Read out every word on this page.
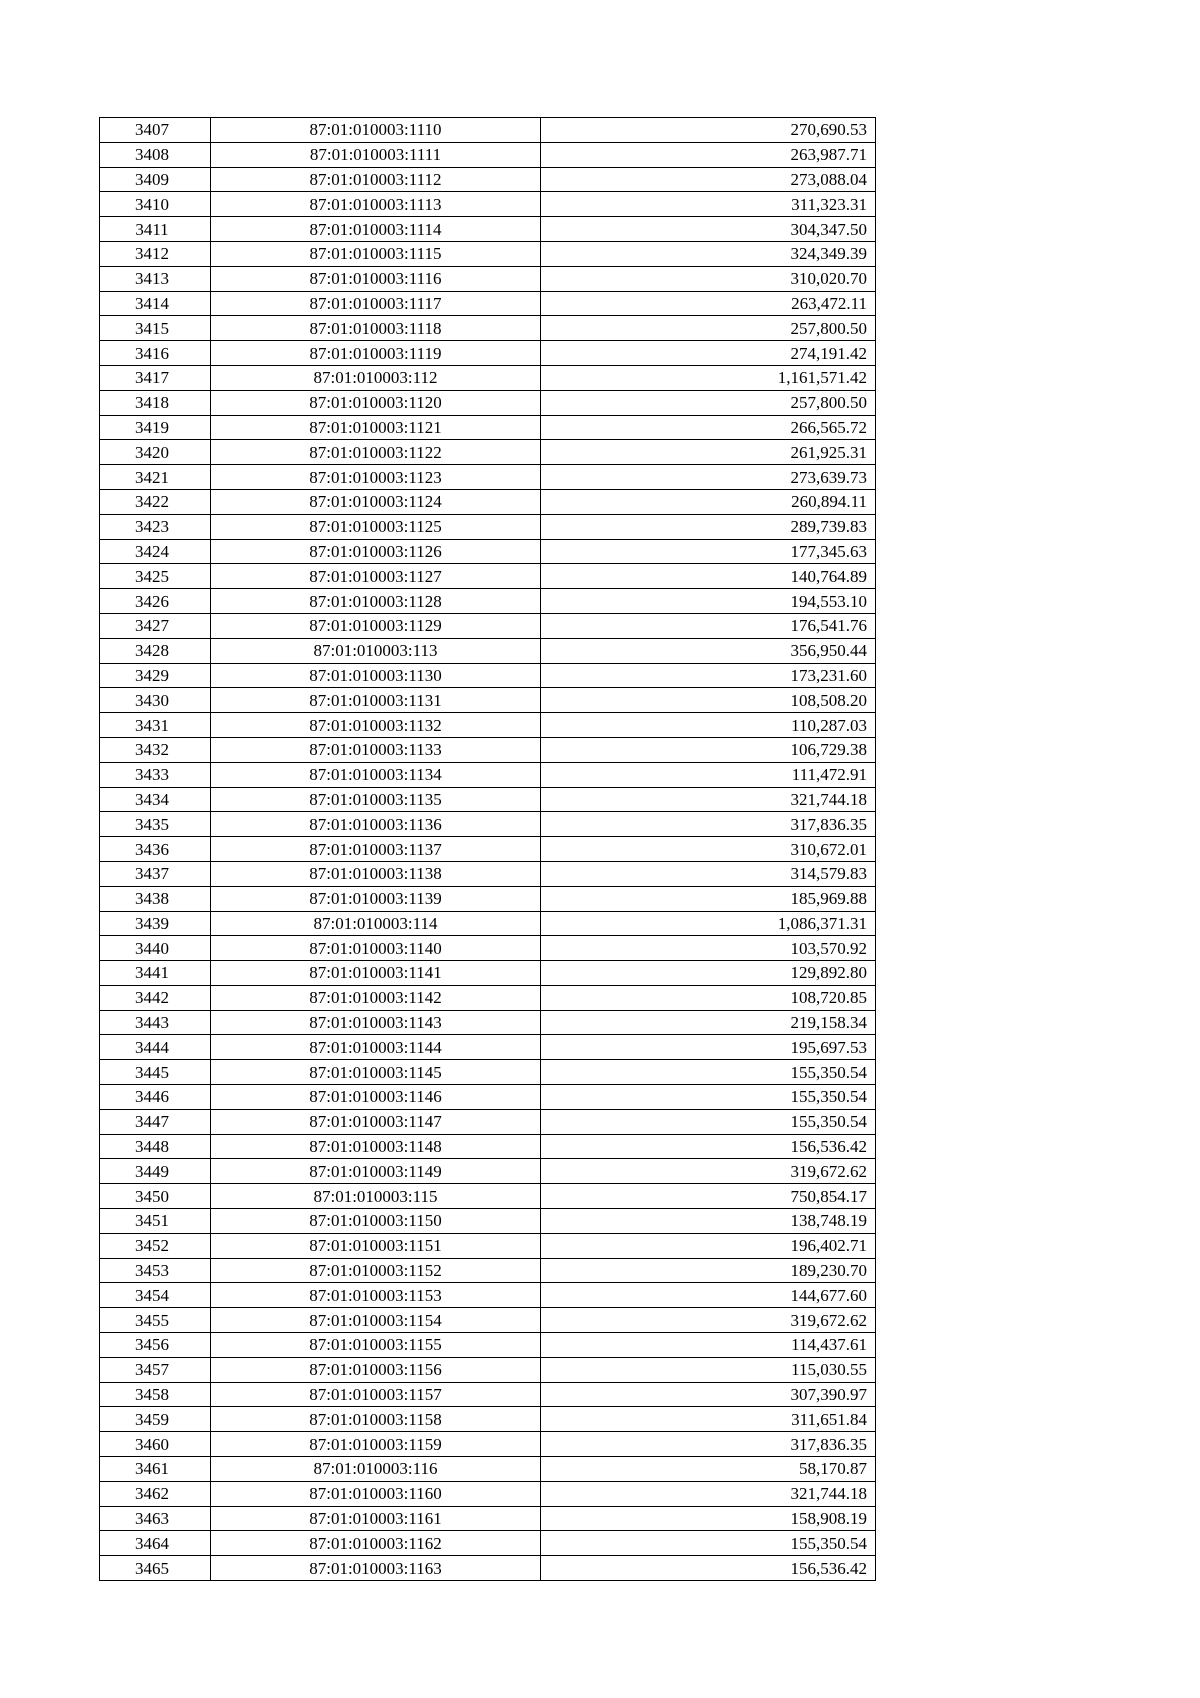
3407	87:01:010003:1110	270,690.53
3408	87:01:010003:1111	263,987.71
3409	87:01:010003:1112	273,088.04
3410	87:01:010003:1113	311,323.31
3411	87:01:010003:1114	304,347.50
3412	87:01:010003:1115	324,349.39
3413	87:01:010003:1116	310,020.70
3414	87:01:010003:1117	263,472.11
3415	87:01:010003:1118	257,800.50
3416	87:01:010003:1119	274,191.42
3417	87:01:010003:112	1,161,571.42
3418	87:01:010003:1120	257,800.50
3419	87:01:010003:1121	266,565.72
3420	87:01:010003:1122	261,925.31
3421	87:01:010003:1123	273,639.73
3422	87:01:010003:1124	260,894.11
3423	87:01:010003:1125	289,739.83
3424	87:01:010003:1126	177,345.63
3425	87:01:010003:1127	140,764.89
3426	87:01:010003:1128	194,553.10
3427	87:01:010003:1129	176,541.76
3428	87:01:010003:113	356,950.44
3429	87:01:010003:1130	173,231.60
3430	87:01:010003:1131	108,508.20
3431	87:01:010003:1132	110,287.03
3432	87:01:010003:1133	106,729.38
3433	87:01:010003:1134	111,472.91
3434	87:01:010003:1135	321,744.18
3435	87:01:010003:1136	317,836.35
3436	87:01:010003:1137	310,672.01
3437	87:01:010003:1138	314,579.83
3438	87:01:010003:1139	185,969.88
3439	87:01:010003:114	1,086,371.31
3440	87:01:010003:1140	103,570.92
3441	87:01:010003:1141	129,892.80
3442	87:01:010003:1142	108,720.85
3443	87:01:010003:1143	219,158.34
3444	87:01:010003:1144	195,697.53
3445	87:01:010003:1145	155,350.54
3446	87:01:010003:1146	155,350.54
3447	87:01:010003:1147	155,350.54
3448	87:01:010003:1148	156,536.42
3449	87:01:010003:1149	319,672.62
3450	87:01:010003:115	750,854.17
3451	87:01:010003:1150	138,748.19
3452	87:01:010003:1151	196,402.71
3453	87:01:010003:1152	189,230.70
3454	87:01:010003:1153	144,677.60
3455	87:01:010003:1154	319,672.62
3456	87:01:010003:1155	114,437.61
3457	87:01:010003:1156	115,030.55
3458	87:01:010003:1157	307,390.97
3459	87:01:010003:1158	311,651.84
3460	87:01:010003:1159	317,836.35
3461	87:01:010003:116	58,170.87
3462	87:01:010003:1160	321,744.18
3463	87:01:010003:1161	158,908.19
3464	87:01:010003:1162	155,350.54
3465	87:01:010003:1163	156,536.42
